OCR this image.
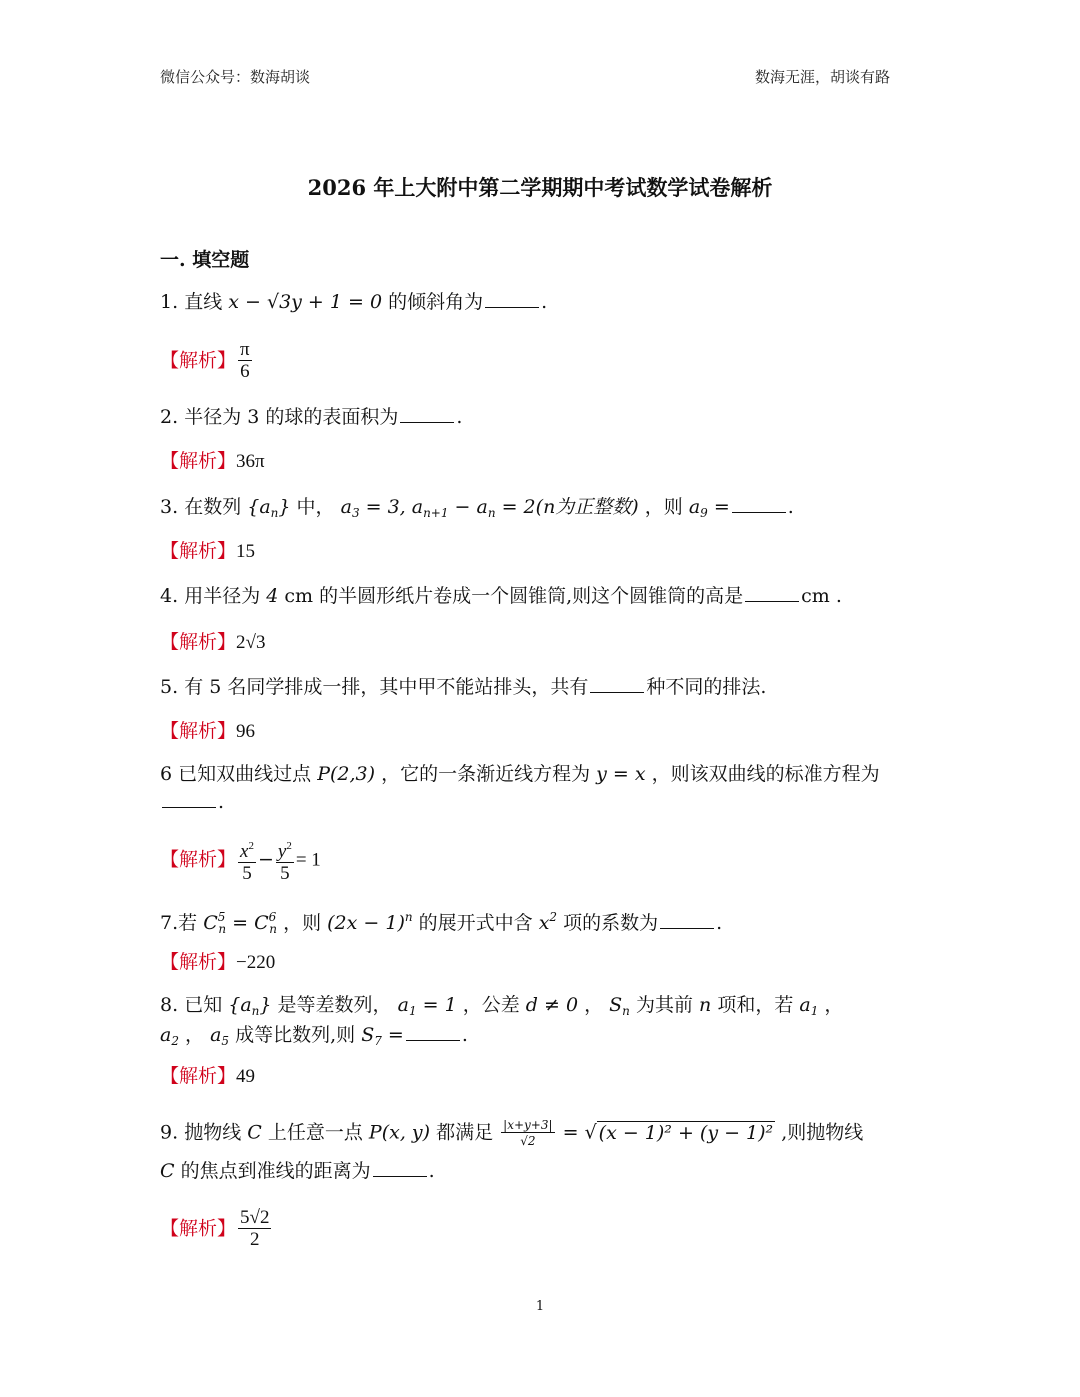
微信公众号：数海胡谈	数海无涯，胡谈有路
2026 年上大附中第二学期期中考试数学试卷解析
一. 填空题
1. 直线 x − √3y + 1 = 0 的倾斜角为	.
【解析】 $\frac{\pi}{6}$
2. 半径为 3 的球的表面积为	.
【解析】36π
3. 在数列 $\{a_n\}$ 中， $a_3 = 3$, $a_{n+1} - a_n = 2(n$为正整数) ，则 $a_9$ =	.
【解析】15
4. 用半径为 4 cm 的半圆形纸片卷成一个圆锥筒,则这个圆锥筒的高是	cm .
【解析】2√3
5. 有 5 名同学排成一排，其中甲不能站排头，共有	种不同的排法.
【解析】96
6 已知双曲线过点 P(2,3) ，它的一条渐近线方程为 y = x ，则该双曲线的标准方程为 .
【解析】 $\frac{x^2}{5} - \frac{y^2}{5} = 1$
7.若 $C^5_n = C^6_n$ ，则 $(2x - 1)^n$ 的展开式中含 $x^2$ 项的系数为	.
【解析】−220
8. 已知 $\{a_n\}$ 是等差数列， $a_1 = 1$ ，公差 d ≠ 0 ， $S_n$ 为其前 n 项和，若 $a_1$ ，
$a_2$ ， $a_5$ 成等比数列,则 $S_7$ =	.
【解析】49
9. 抛物线 C 上任意一点 P(x, y) 都满足 $\frac{|x+y+3|}{√2}$ = √ (x − 1)² + (y − 1)² ,则抛物线
C 的焦点到准线的距离为	.
【解析】 $\frac{5√2}{2}$
1
